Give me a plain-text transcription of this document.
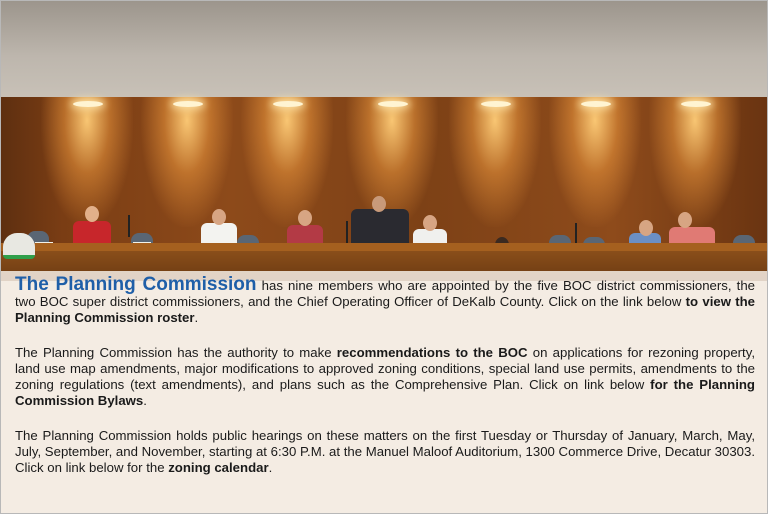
The Planning Commission has nine members who are appointed by the five BOC district commissioners, the two BOC super district commissioners, and the Chief Operating Officer of DeKalb County. Click on the link below to view the Planning Commission roster.

The Planning Commission has the authority to make recommendations to the BOC on applications for rezoning property, land use map amendments, major modifications to approved zoning conditions, special land use permits, amendments to the zoning regulations (text amendments), and plans such as the Comprehensive Plan. Click on link below for the Planning Commission Bylaws.

The Planning Commission holds public hearings on these matters on the first Tuesday or Thursday of January, March, May, July, September, and November, starting at 6:30 P.M. at the Manuel Maloof Auditorium, 1300 Commerce Drive, Decatur 30303. Click on link below for the zoning calendar.
